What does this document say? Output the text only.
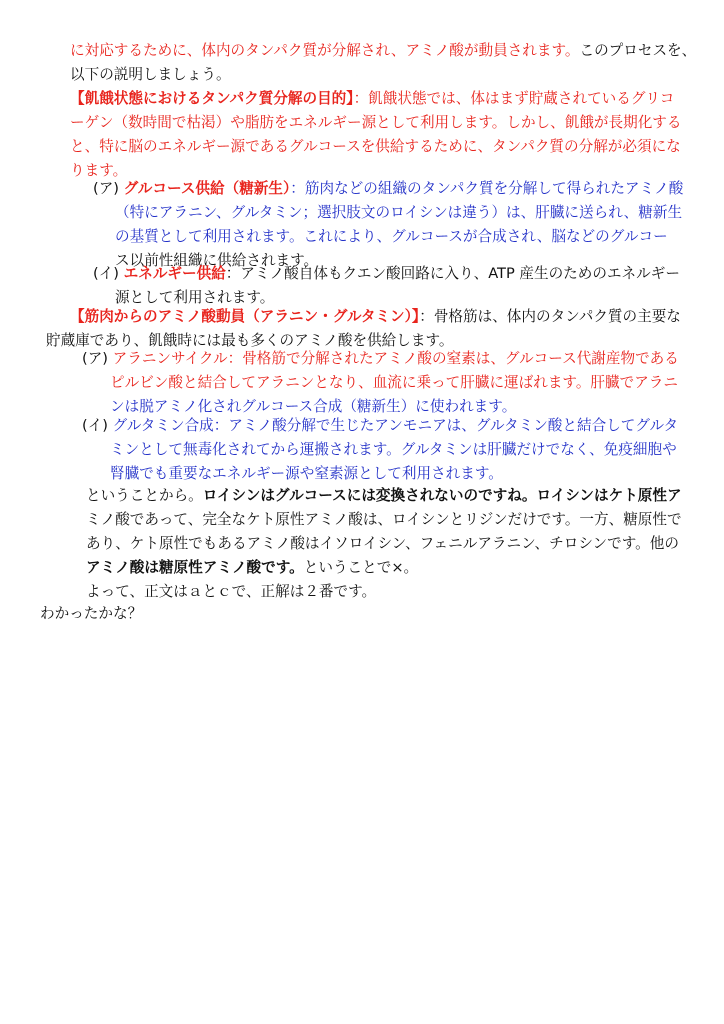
に対応するために、体内のタンパク質が分解され、アミノ酸が動員されます。このプロセスを、
以下の説明しましょう。
【飢餓状態におけるタンパク質分解の目的】：飢餓状態では、体はまず貯蔵されているグリコ
ーゲン（数時間で枯渇）や脂肪をエネルギー源として利用します。しかし、飢餓が長期化する
と、特に脳のエネルギー源であるグルコースを供給するために、タンパク質の分解が必須にな
ります。
(ア) グルコース供給（糖新生）：筋肉などの組織のタンパク質を分解して得られたアミノ酸
（特にアラニン、グルタミン；選択肢文のロイシンは違う）は、肝臓に送られ、糖新生
の基質として利用されます。これにより、グルコースが合成され、脳などのグルコー
ス以前性組織に供給されます。
(イ) エネルギー供給：アミノ酸自体もクエン酸回路に入り、ATP 産生のためのエネルギー
源として利用されます。
【筋肉からのアミノ酸動員（アラニン・グルタミン）】：骨格筋は、体内のタンパク質の主要な
貯蔵庫であり、飢餓時には最も多くのアミノ酸を供給します。
(ア) アラニンサイクル：骨格筋で分解されたアミノ酸の窒素は、グルコース代謝産物である
ピルビン酸と結合してアラニンとなり、血流に乗って肝臓に運ばれます。肝臓でアラニ
ンは脱アミノ化されグルコース合成（糖新生）に使われます。
(イ) グルタミン合成：アミノ酸分解で生じたアンモニアは、グルタミン酸と結合してグルタ
ミンとして無毒化されてから運搬されます。グルタミンは肝臓だけでなく、免疫細胞や
腎臓でも重要なエネルギー源や窒素源として利用されます。
ということから。ロイシンはグルコースには変換されないのですね。ロイシンはケト原性ア
ミノ酸であって、完全なケト原性アミノ酸は、ロイシンとリジンだけです。一方、糖原性で
あり、ケト原性でもあるアミノ酸はイソロイシン、フェニルアラニン、チロシンです。他の
アミノ酸は糖原性アミノ酸です。ということで×。
よって、正文はａとｃで、正解は２番です。
わかったかな？
